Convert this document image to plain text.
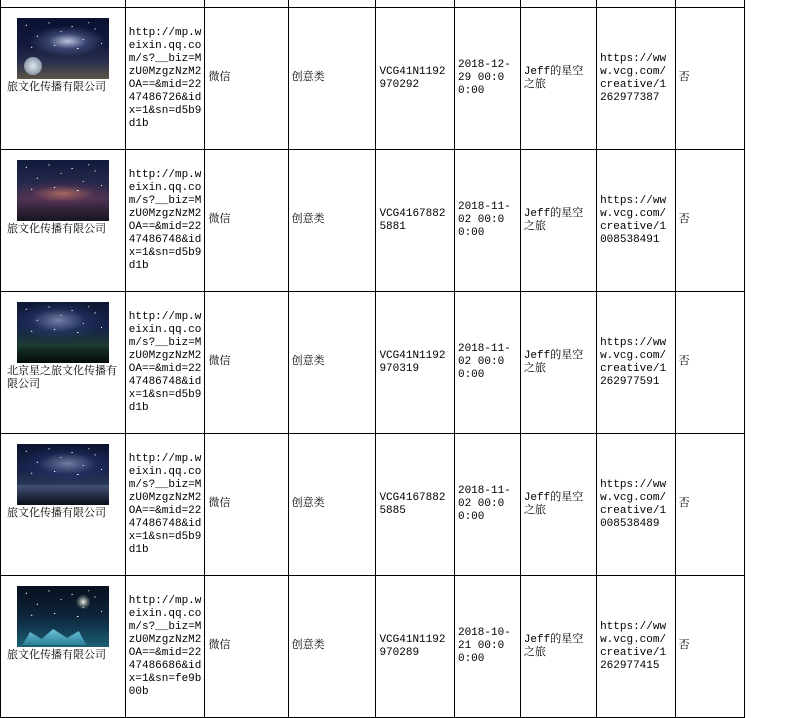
旅文化传播有限公司	http://mp.weixin.qq.com/s?__biz=MzU0MzgzNzM2OA==&mid=2247486726&idx=1&sn=d5b9d1b	微信	创意类	VCG41N1192970292	2018-12-29 00:00:00	Jeff的星空之旅	https://www.vcg.com/creative/1262977387	否

旅文化传播有限公司	http://mp.weixin.qq.com/s?__biz=MzU0MzgzNzM2OA==&mid=2247486748&idx=1&sn=d5b9d1b	微信	创意类	VCG41678825881	2018-11-02 00:00:00	Jeff的星空之旅	https://www.vcg.com/creative/1008538491	否

北京星之旅文化传播有限公司	http://mp.weixin.qq.com/s?__biz=MzU0MzgzNzM2OA==&mid=2247486748&idx=1&sn=d5b9d1b	微信	创意类	VCG41N1192970319	2018-11-02 00:00:00	Jeff的星空之旅	https://www.vcg.com/creative/1262977591	否

旅文化传播有限公司	http://mp.weixin.qq.com/s?__biz=MzU0MzgzNzM2OA==&mid=2247486748&idx=1&sn=d5b9d1b	微信	创意类	VCG41678825885	2018-11-02 00:00:00	Jeff的星空之旅	https://www.vcg.com/creative/1008538489	否

旅文化传播有限公司	http://mp.weixin.qq.com/s?__biz=MzU0MzgzNzM2OA==&mid=2247486686&idx=1&sn=fe9b00b	微信	创意类	VCG41N1192970289	2018-10-21 00:00:00	Jeff的星空之旅	https://www.vcg.com/creative/1262977415	否
